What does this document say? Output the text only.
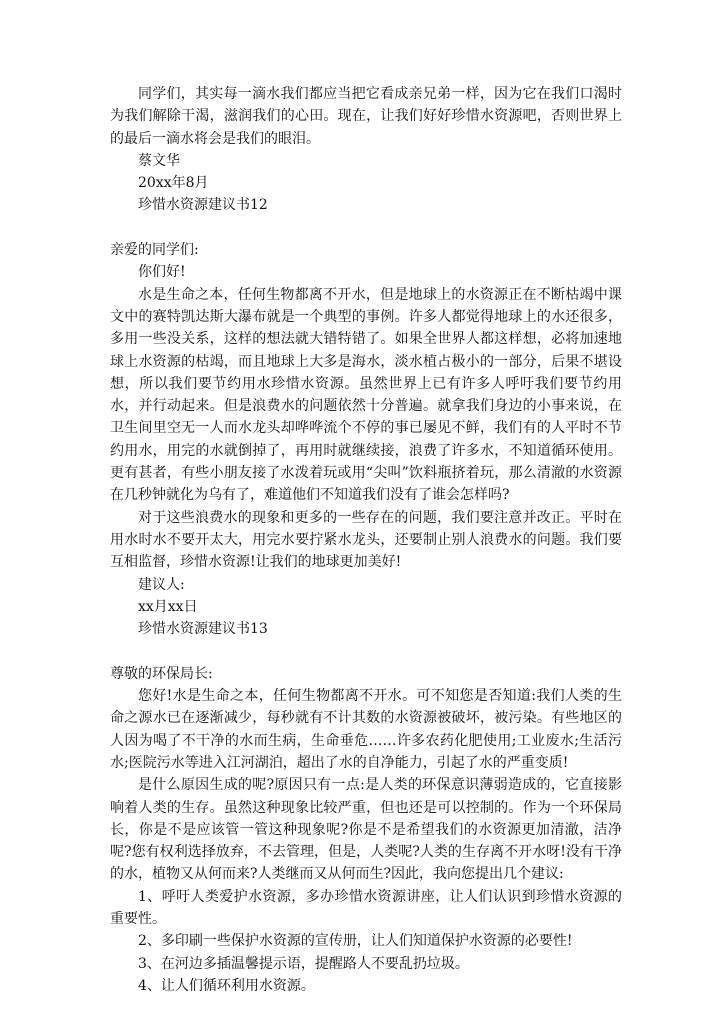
同学们，其实每一滴水我们都应当把它看成亲兄弟一样，因为它在我们口渴时为我们解除干渴，滋润我们的心田。现在，让我们好好珍惜水资源吧，否则世界上的最后一滴水将会是我们的眼泪。

蔡文华

20xx年8月

珍惜水资源建议书12

亲爱的同学们:

你们好!

水是生命之本，任何生物都离不开水，但是地球上的水资源正在不断枯竭中课文中的赛特凯达斯大瀑布就是一个典型的事例。许多人都觉得地球上的水还很多，多用一些没关系，这样的想法就大错特错了。如果全世界人都这样想，必将加速地球上水资源的枯竭，而且地球上大多是海水，淡水植占极小的一部分，后果不堪设想，所以我们要节约用水珍惜水资源。虽然世界上已有许多人呼吁我们要节约用水，并行动起来。但是浪费水的问题依然十分普遍。就拿我们身边的小事来说，在卫生间里空无一人而水龙头却哗哗流个不停的事已屡见不鲜，我们有的人平时不节约用水，用完的水就倒掉了，再用时就继续接，浪费了许多水，不知道循环使用。更有甚者，有些小朋友接了水泼着玩或用“尖叫”饮料瓶挤着玩，那么清澈的水资源在几秒钟就化为乌有了，难道他们不知道我们没有了谁会怎样吗?

对于这些浪费水的现象和更多的一些存在的问题，我们要注意并改正。平时在用水时水不要开太大，用完水要拧紧水龙头，还要制止别人浪费水的问题。我们要互相监督，珍惜水资源!让我们的地球更加美好!

建议人:

xx月xx日

珍惜水资源建议书13

尊敬的环保局长:

您好!水是生命之本，任何生物都离不开水。可不知您是否知道:我们人类的生命之源水已在逐渐减少，每秒就有不计其数的水资源被破坏，被污染。有些地区的人因为喝了不干净的水而生病，生命垂危……许多农药化肥使用;工业废水;生活污水;医院污水等进入江河湖泊，超出了水的自净能力，引起了水的严重变质!

是什么原因生成的呢?原因只有一点:是人类的环保意识薄弱造成的，它直接影响着人类的生存。虽然这种现象比较严重，但也还是可以控制的。作为一个环保局长，你是不是应该管一管这种现象呢?你是不是希望我们的水资源更加清澈，洁净呢?您有权利选择放弃，不去管理，但是，人类呢?人类的生存离不开水呀!没有干净的水，植物又从何而来?人类继而又从何而生?因此，我向您提出几个建议:

1、呼吁人类爱护水资源，多办珍惜水资源讲座，让人们认识到珍惜水资源的重要性。

2、多印刷一些保护水资源的宣传册，让人们知道保护水资源的必要性!

3、在河边多插温馨提示语，提醒路人不要乱扔垃圾。

4、让人们循环利用水资源。
